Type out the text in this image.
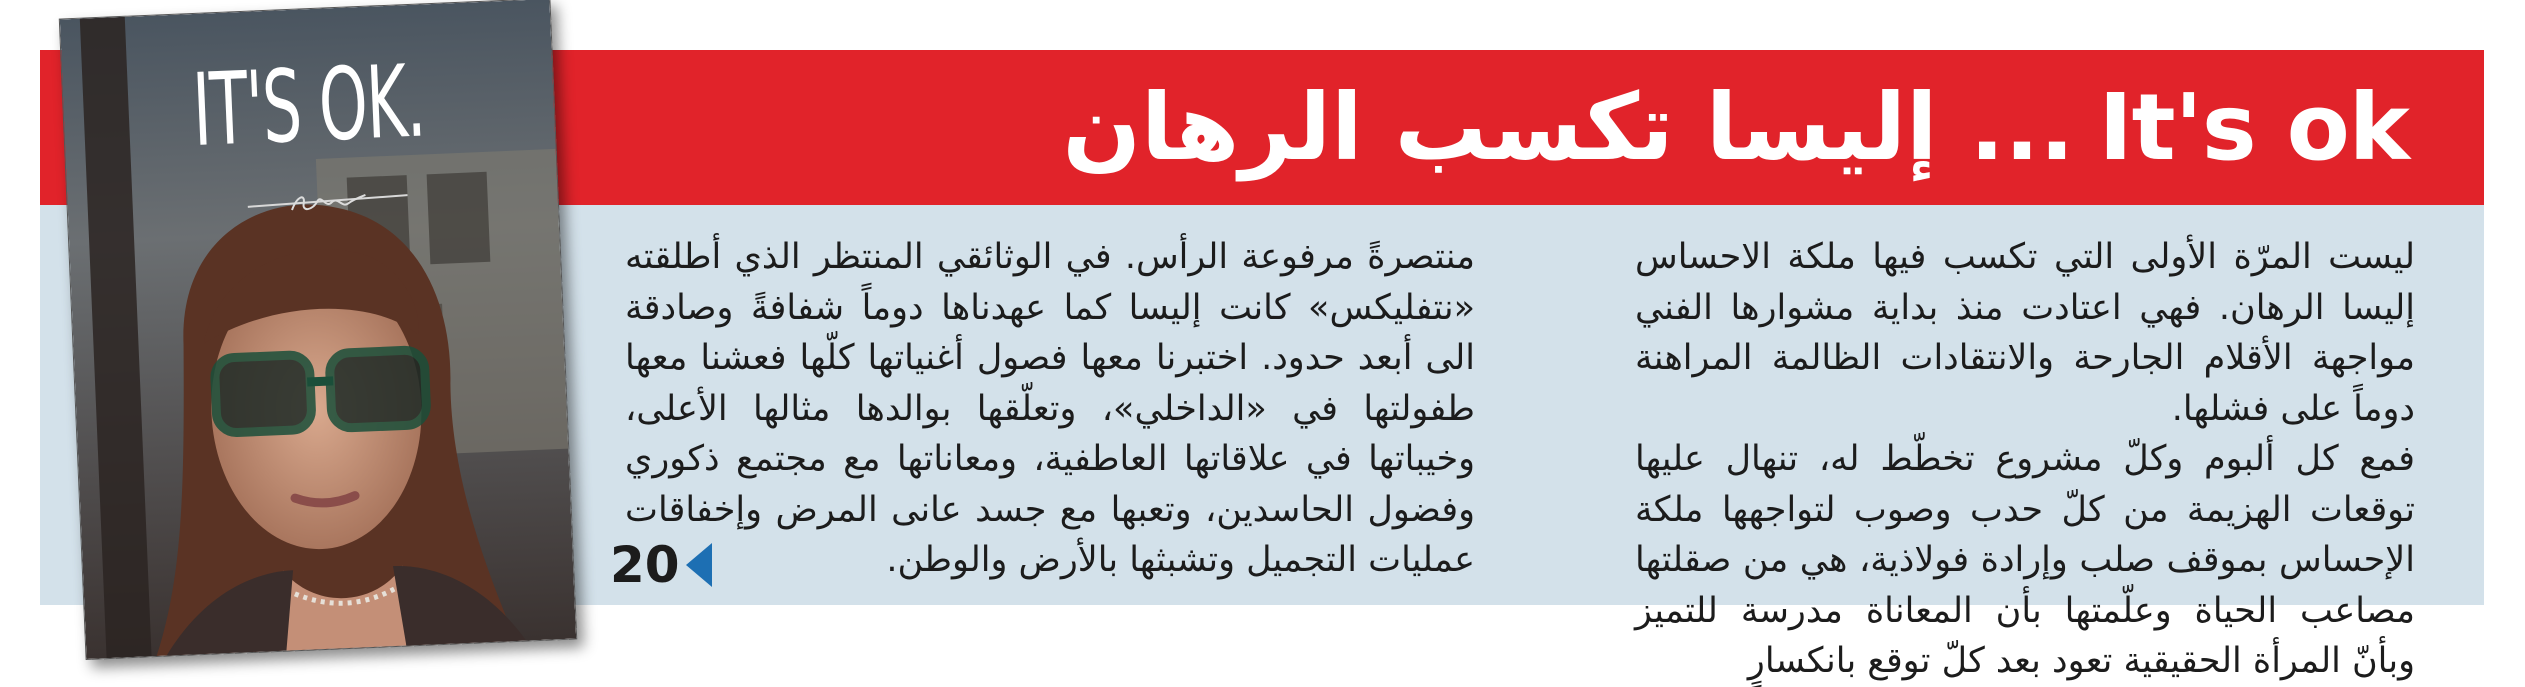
It's ok
... إليسا تكسب الرهان

ليست المرّة الأولى التي تكسب فيها ملكة الاحساس إليسا الرهان. فهي اعتادت منذ بداية مشوارها الفني مواجهة الأقلام الجارحة والانتقادات الظالمة المراهنة دوماً على فشلها.

فمع كل ألبوم وكلّ مشروع تخطّط له، تنهال عليها توقعات الهزيمة من كلّ حدب وصوب لتواجهها ملكة الإحساس بموقف صلب وإرادة فولاذية، هي من صقلتها مصاعب الحياة وعلّمتها بأن المعاناة مدرسة للتميز وبأنّ المرأة الحقيقية تعود بعد كلّ توقع بانكسارٍ

منتصرةً مرفوعة الرأس. في الوثائقي المنتظر الذي أطلقته «نتفليكس» كانت إليسا كما عهدناها دوماً شفافةً وصادقة الى أبعد حدود. اختبرنا معها فصول أغنياتها كلّها فعشنا معها طفولتها في «الداخلي»، وتعلّقها بوالدها مثالها الأعلى، وخيباتها في علاقاتها العاطفية، ومعاناتها مع مجتمع ذكوري وفضول الحاسدين، وتعبها مع جسد عانى المرض وإخفاقات عمليات التجميل وتشبثها بالأرض والوطن.

20
IT'S OK.
